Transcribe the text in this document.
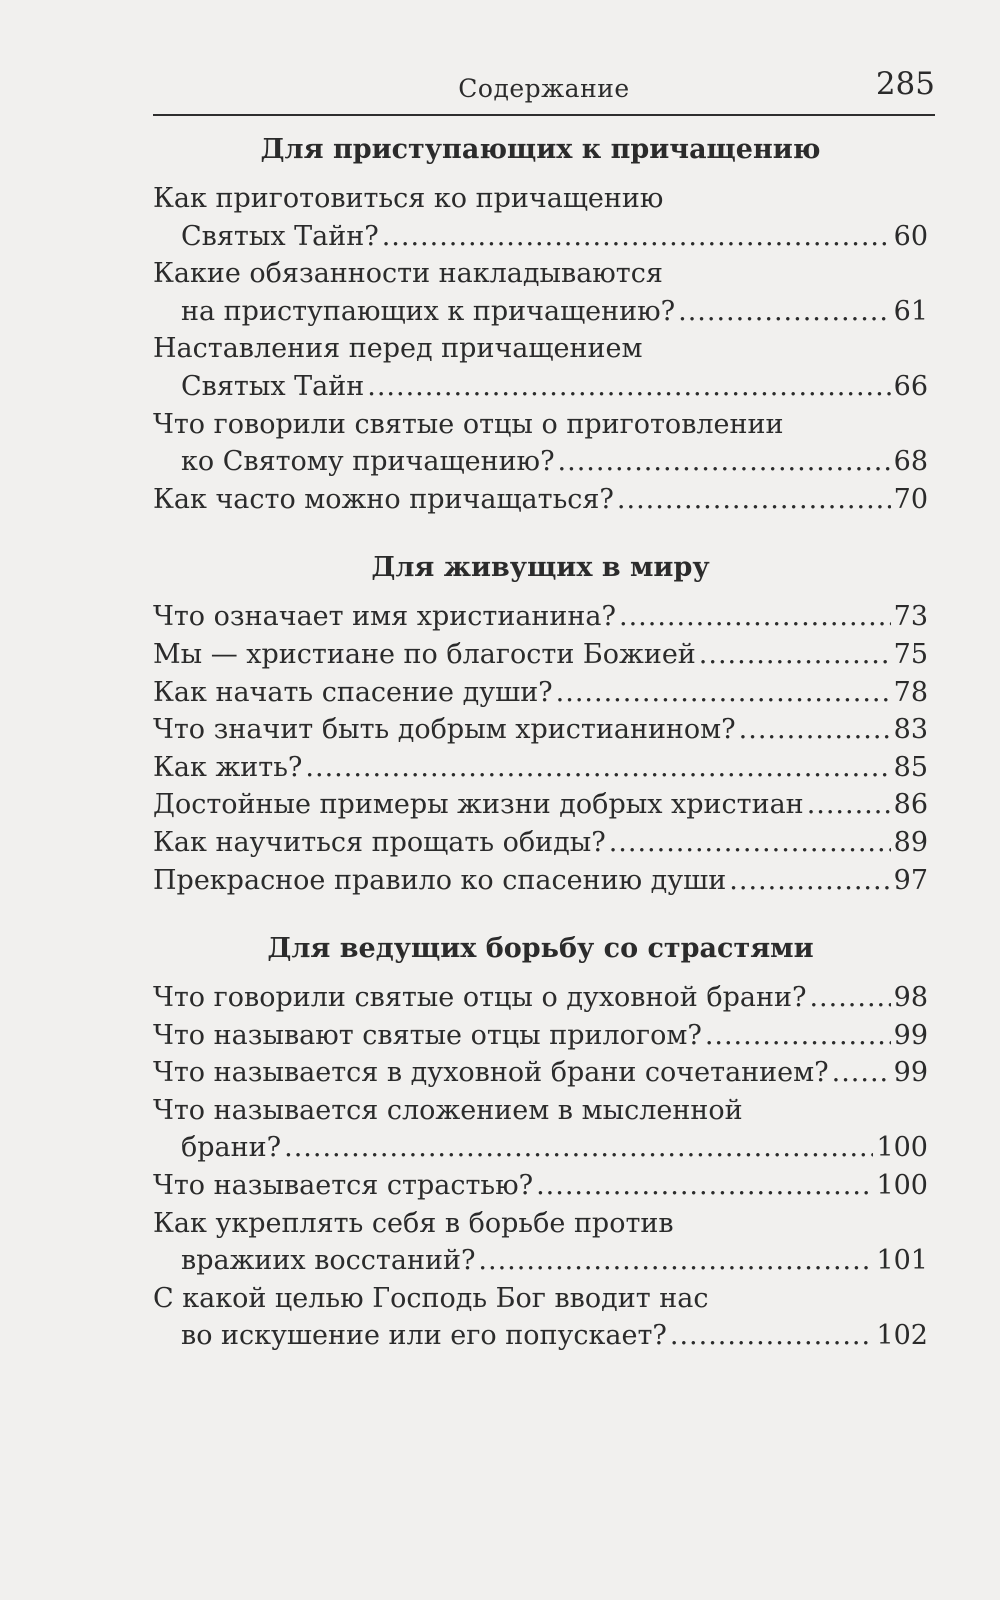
Содержание	285
Для приступающих к причащению
Как приготовиться ко причащению
Святых Тайн? .....	60
Какие обязанности накладываются
на приступающих к причащению? .....	61
Наставления перед причащением
Святых Тайн .....	66
Что говорили святые отцы о приготовлении
ко Святому причащению? .....	68
Как часто можно причащаться? .....	70
Для живущих в миру
Что означает имя христианина? .....	73
Мы — христиане по благости Божией .....	75
Как начать спасение души? .....	78
Что значит быть добрым христианином? .....	83
Как жить? .....	85
Достойные примеры жизни добрых христиан .....	86
Как научиться прощать обиды? .....	89
Прекрасное правило ко спасению души .....	97
Для ведущих борьбу со страстями
Что говорили святые отцы о духовной брани? .....	98
Что называют святые отцы прилогом? .....	99
Что называется в духовной брани сочетанием? ..... 99
Что называется сложением в мысленной
брани? .....	100
Что называется страстью? .....	100
Как укреплять себя в борьбе против
вражиих восстаний? .....	101
С какой целью Господь Бог вводит нас
во искушение или его попускает? .....	102
